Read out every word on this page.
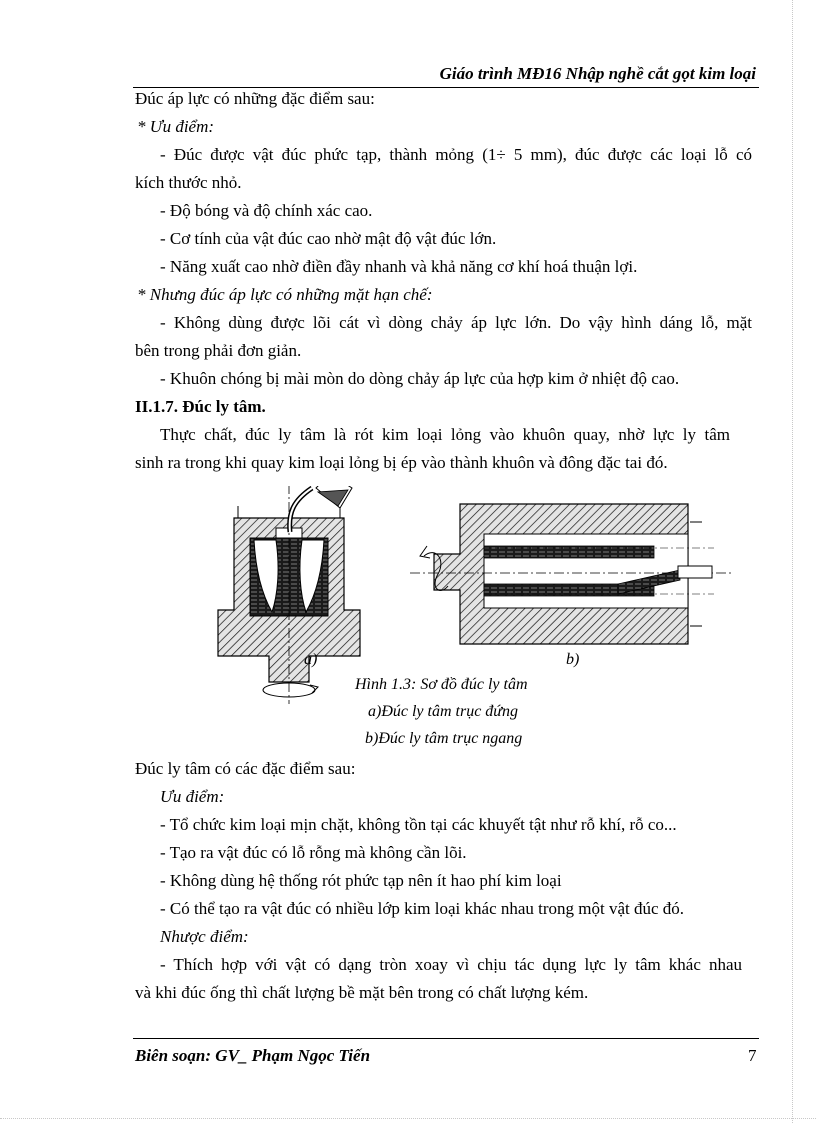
Giáo trình MĐ16 Nhập nghề cắt gọt kim loại
Đúc áp lực có những đặc điểm sau:
* Ưu điểm:
- Đúc được vật đúc phức tạp, thành mỏng (1÷ 5 mm), đúc được các loại lỗ có
kích thước nhỏ.
- Độ bóng và độ chính xác cao.
- Cơ tính của vật đúc cao nhờ mật độ vật đúc lớn.
- Năng xuất cao nhờ điền đầy nhanh và khả năng cơ khí hoá thuận lợi.
* Nhưng đúc áp lực có những mặt hạn chế:
- Không dùng được lõi cát vì dòng chảy áp lực lớn. Do vậy hình dáng lỗ, mặt
bên trong phải đơn giản.
- Khuôn chóng bị mài mòn do dòng chảy áp lực của hợp kim ở nhiệt độ cao.
II.1.7. Đúc ly tâm.
Thực chất, đúc ly tâm là rót kim loại lỏng vào khuôn quay, nhờ lực ly tâm
sinh ra trong khi quay kim loại lỏng bị ép vào thành khuôn và đông đặc tai đó.
a)	b)
Hình 1.3: Sơ đồ đúc ly tâm
a)Đúc ly tâm trục đứng
b)Đúc ly tâm trục ngang
Đúc ly tâm có các đặc điểm sau:
Ưu điểm:
- Tổ chức kim loại mịn chặt, không tồn tại các khuyết tật như rỗ khí, rỗ co...
- Tạo ra vật đúc có lỗ rỗng mà không cần lõi.
- Không dùng hệ thống rót phức tạp nên ít hao phí kim loại
- Có thể tạo ra vật đúc có nhiều lớp kim loại khác nhau trong một vật đúc đó.
Nhược điểm:
- Thích hợp với vật có dạng tròn xoay vì chịu tác dụng lực ly tâm khác nhau
và khi đúc ống thì chất lượng bề mặt bên trong có chất lượng kém.
Biên soạn: GV_ Phạm Ngọc Tiến	7
